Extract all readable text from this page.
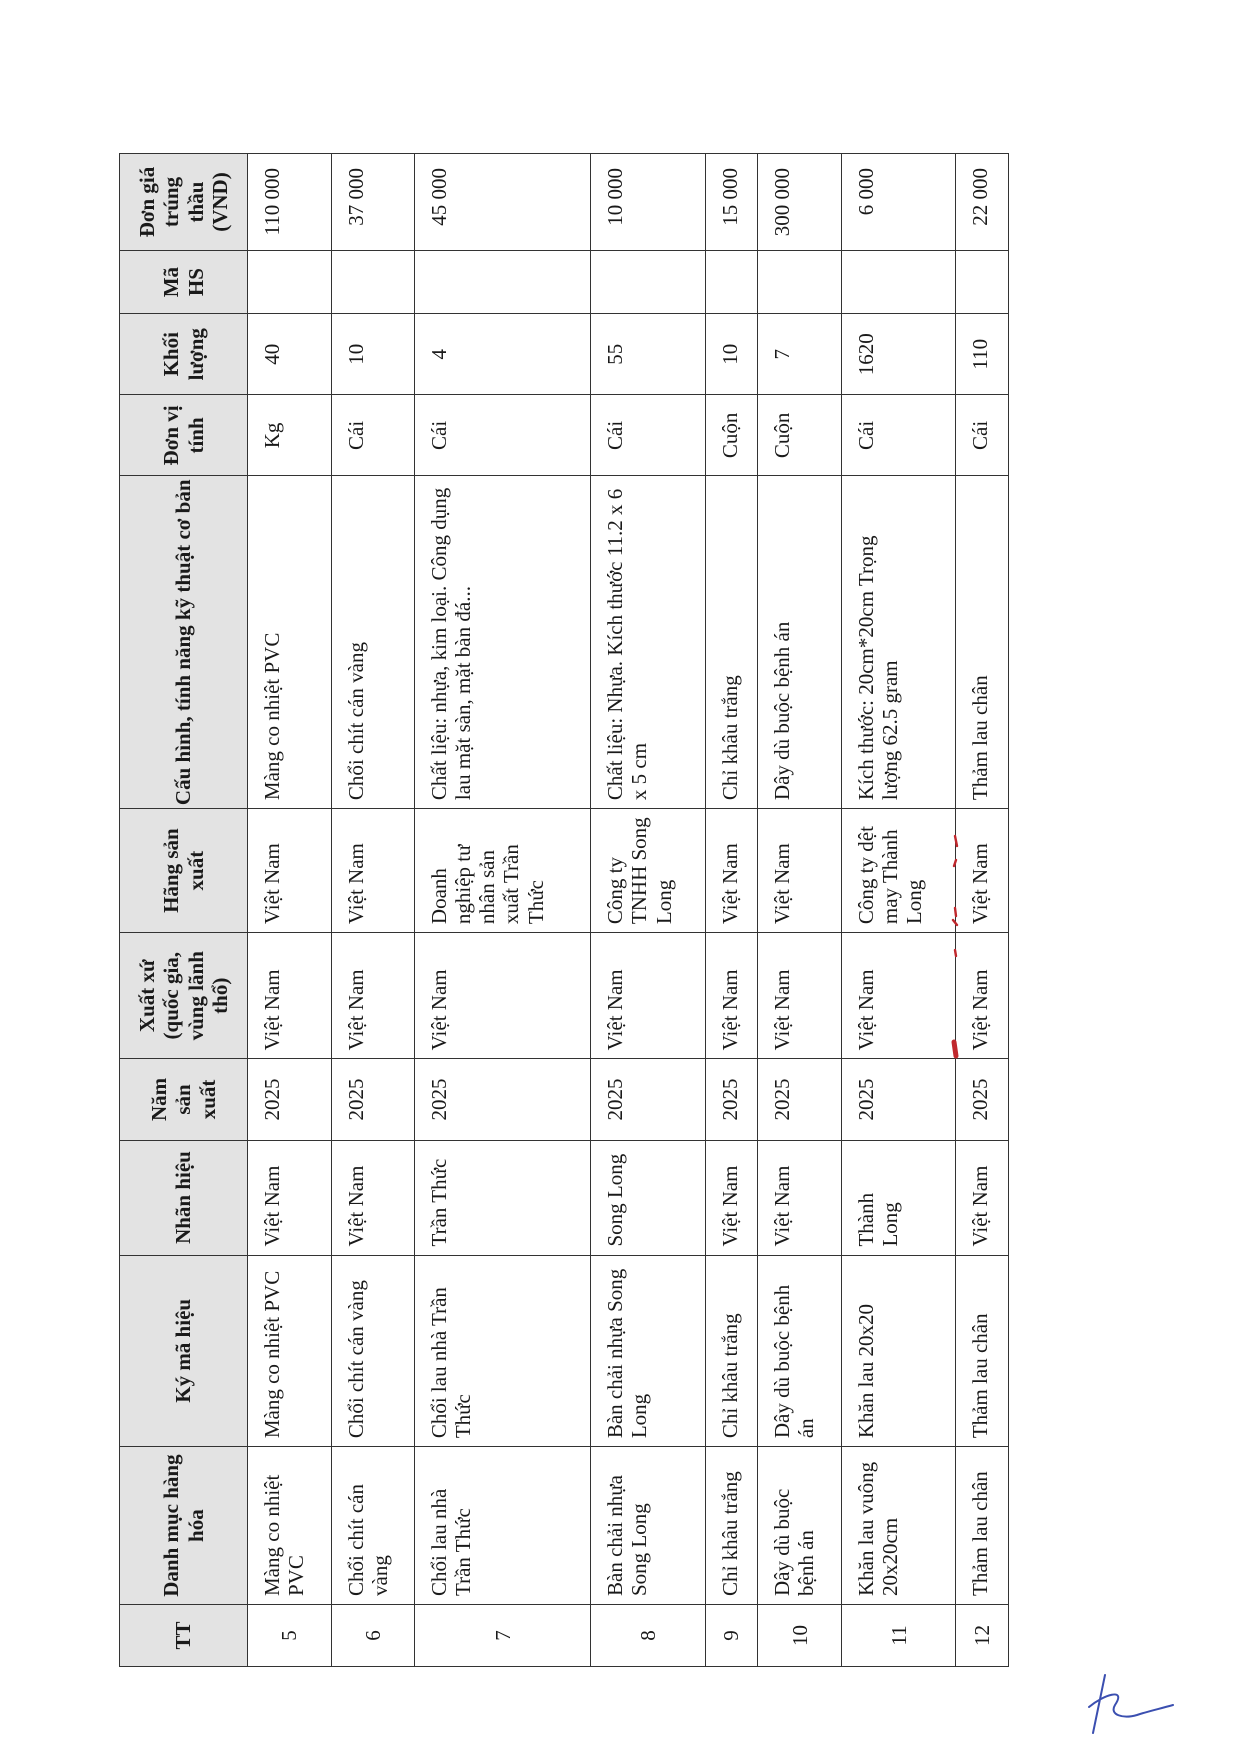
TT	Danh mục hàng hóa	Ký mã hiệu	Nhãn hiệu	Năm sản xuất	Xuất xứ (quốc gia, vùng lãnh thổ)	Hãng sản xuất	Cấu hình, tính năng kỹ thuật cơ bản	Đơn vị tính	Khối lượng	Mã HS	Đơn giá trúng thầu (VND)
5	Màng co nhiệt PVC	Màng co nhiệt PVC	Việt Nam	2025	Việt Nam	Việt Nam	Màng co nhiệt PVC	Kg	40		110 000
6	Chổi chít cán vàng	Chổi chít cán vàng	Việt Nam	2025	Việt Nam	Việt Nam	Chổi chít cán vàng	Cái	10		37 000
7	Chổi lau nhà Trần Thức	Chổi lau nhà Trần Thức	Trần Thức	2025	Việt Nam	Doanh nghiệp tư nhân sản xuất Trần Thức	Chất liệu: nhựa, kim loại. Công dụng lau mặt sàn, mặt bàn đá...	Cái	4		45 000
8	Bàn chải nhựa Song Long	Bàn chải nhựa Song Long	Song Long	2025	Việt Nam	Công ty TNHH Song Long	Chất liệu: Nhựa. Kích thước 11.2 x 6 x 5 cm	Cái	55		10 000
9	Chỉ khâu trắng	Chỉ khâu trắng	Việt Nam	2025	Việt Nam	Việt Nam	Chỉ khâu trắng	Cuộn	10		15 000
10	Dây dù buộc bệnh án	Dây dù buộc bệnh án	Việt Nam	2025	Việt Nam	Việt Nam	Dây dù buộc bệnh án	Cuộn	7		300 000
11	Khăn lau vuông 20x20cm	Khăn lau 20x20	Thành Long	2025	Việt Nam	Công ty dệt may Thành Long	Kích thước: 20cm*20cm Trọng lượng 62.5 gram	Cái	1620		6 000
12	Thảm lau chân	Thảm lau chân	Việt Nam	2025	Việt Nam	Việt Nam	Thảm lau chân	Cái	110		22 000
